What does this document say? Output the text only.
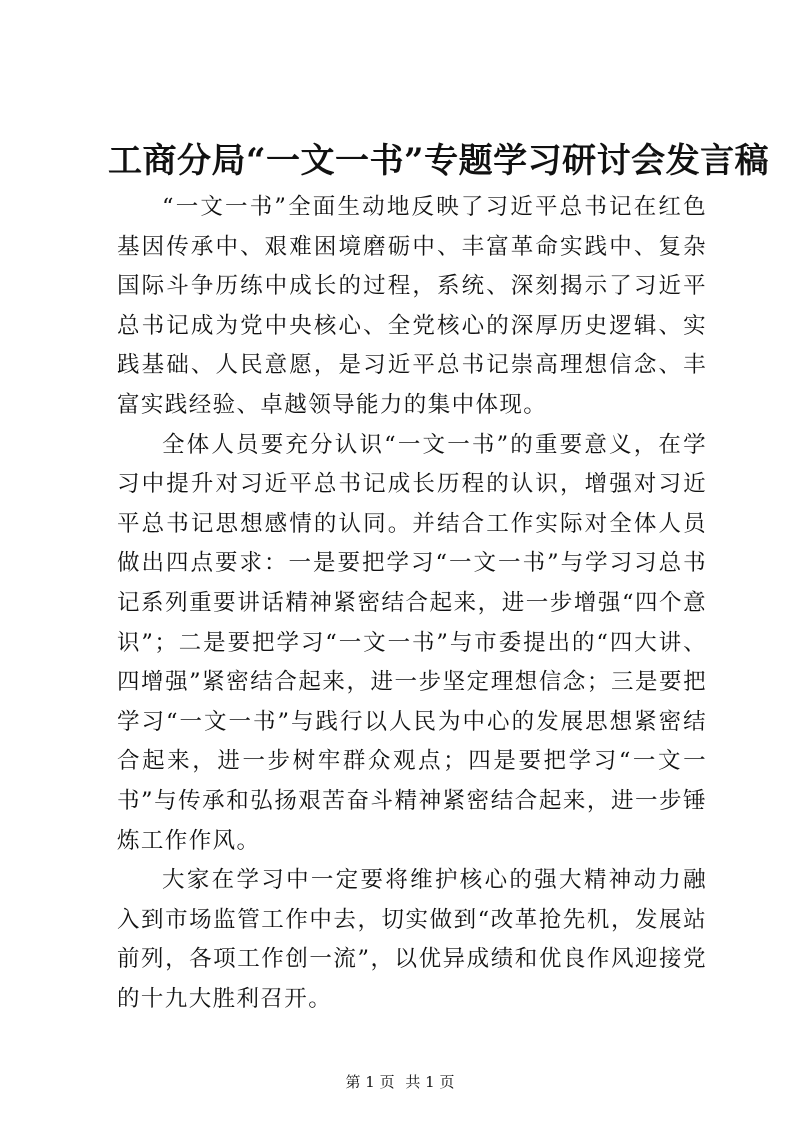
工商分局“一文一书”专题学习研讨会发言稿

“一文一书”全面生动地反映了习近平总书记在红色基因传承中、艰难困境磨砺中、丰富革命实践中、复杂国际斗争历练中成长的过程，系统、深刻揭示了习近平总书记成为党中央核心、全党核心的深厚历史逻辑、实践基础、人民意愿，是习近平总书记崇高理想信念、丰富实践经验、卓越领导能力的集中体现。

全体人员要充分认识“一文一书”的重要意义，在学习中提升对习近平总书记成长历程的认识，增强对习近平总书记思想感情的认同。并结合工作实际对全体人员做出四点要求：一是要把学习“一文一书”与学习习总书记系列重要讲话精神紧密结合起来，进一步增强“四个意识”；二是要把学习“一文一书”与市委提出的“四大讲、四增强”紧密结合起来，进一步坚定理想信念；三是要把学习“一文一书”与践行以人民为中心的发展思想紧密结合起来，进一步树牢群众观点；四是要把学习“一文一书”与传承和弘扬艰苦奋斗精神紧密结合起来，进一步锤炼工作作风。

大家在学习中一定要将维护核心的强大精神动力融入到市场监管工作中去，切实做到“改革抢先机，发展站前列，各项工作创一流”，以优异成绩和优良作风迎接党的十九大胜利召开。

第 1 页 共 1 页
